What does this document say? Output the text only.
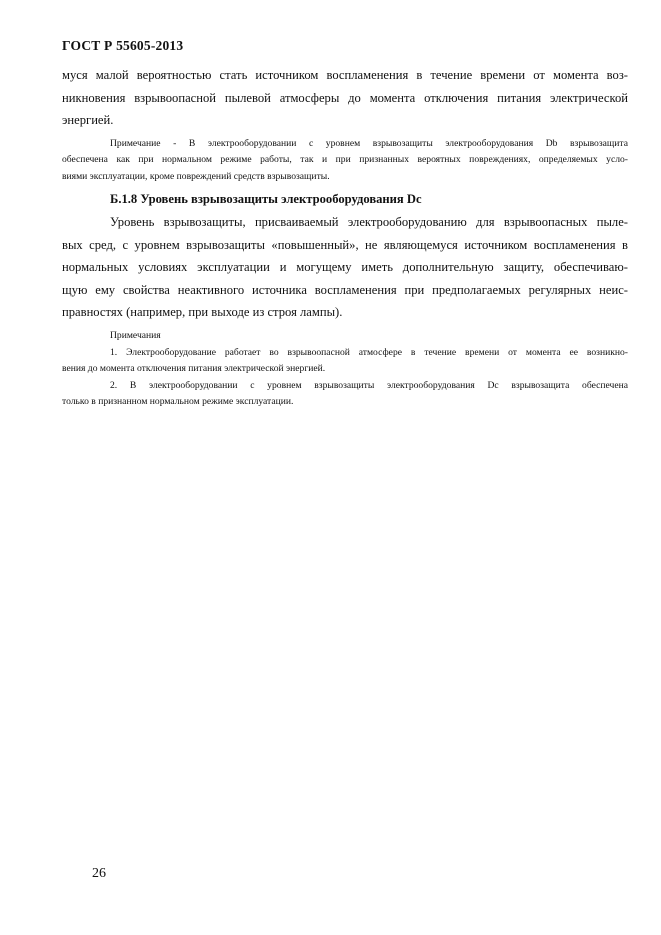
ГОСТ Р 55605-2013

муся малой вероятностью стать источником воспламенения в течение времени от момента воз-

никновения взрывоопасной пылевой атмосферы до момента отключения питания электрической

энергией.

Примечание - В электрооборудовании с уровнем взрывозащиты электрооборудования Db взрывозащита

обеспечена как при нормальном режиме работы, так и при признанных вероятных повреждениях, определяемых усло-

виями эксплуатации, кроме повреждений средств взрывозащиты.

Б.1.8 Уровень взрывозащиты электрооборудования Dc

Уровень взрывозащиты, присваиваемый электрооборудованию для взрывоопасных пыле-

вых сред, с уровнем взрывозащиты «повышенный», не являющемуся источником воспламенения в

нормальных условиях эксплуатации и могущему иметь дополнительную защиту, обеспечиваю-

щую ему свойства неактивного источника воспламенения при предполагаемых регулярных неис-

правностях (например, при выходе из строя лампы).

Примечания

1. Электрооборудование работает во взрывоопасной атмосфере в течение времени от момента ее возникно-

вения до момента отключения питания электрической энергией.

2. В электрооборудовании с уровнем взрывозащиты электрооборудования Dc взрывозащита обеспечена

только в признанном нормальном режиме эксплуатации.

26
